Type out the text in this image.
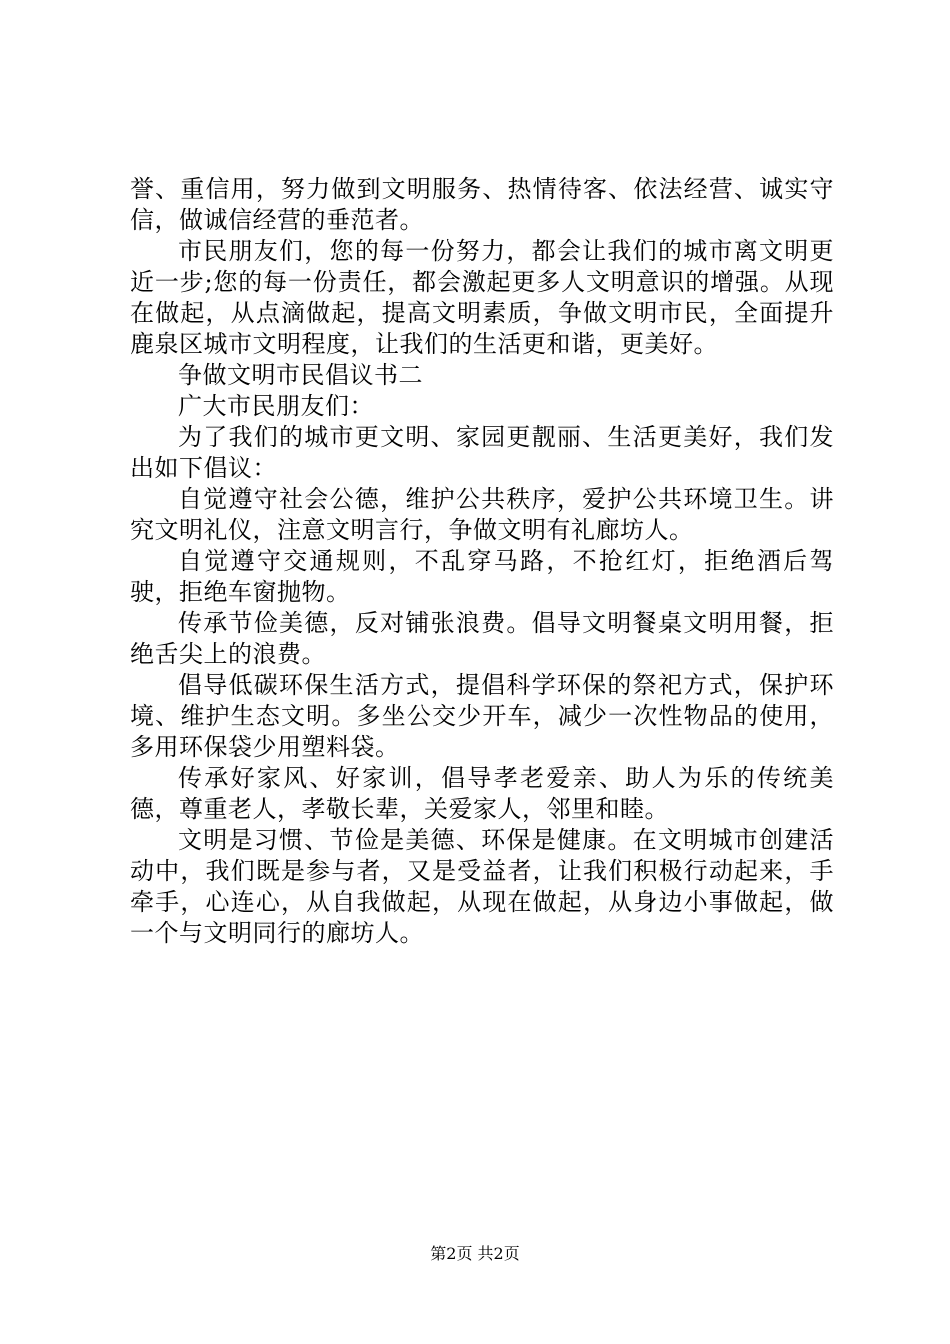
誉、重信用，努力做到文明服务、热情待客、依法经营、诚实守信，做诚信经营的垂范者。

市民朋友们，您的每一份努力，都会让我们的城市离文明更近一步;您的每一份责任，都会激起更多人文明意识的增强。从现在做起，从点滴做起，提高文明素质，争做文明市民，全面提升鹿泉区城市文明程度，让我们的生活更和谐，更美好。

争做文明市民倡议书二

广大市民朋友们：

为了我们的城市更文明、家园更靓丽、生活更美好，我们发出如下倡议：

自觉遵守社会公德，维护公共秩序，爱护公共环境卫生。讲究文明礼仪，注意文明言行，争做文明有礼廊坊人。

自觉遵守交通规则，不乱穿马路，不抢红灯，拒绝酒后驾驶，拒绝车窗抛物。

传承节俭美德，反对铺张浪费。倡导文明餐桌文明用餐，拒绝舌尖上的浪费。

倡导低碳环保生活方式，提倡科学环保的祭祀方式，保护环境、维护生态文明。多坐公交少开车，减少一次性物品的使用，多用环保袋少用塑料袋。

传承好家风、好家训，倡导孝老爱亲、助人为乐的传统美德，尊重老人，孝敬长辈，关爱家人，邻里和睦。

文明是习惯、节俭是美德、环保是健康。在文明城市创建活动中，我们既是参与者，又是受益者，让我们积极行动起来，手牵手，心连心，从自我做起，从现在做起，从身边小事做起，做一个与文明同行的廊坊人。

第2页 共2页
